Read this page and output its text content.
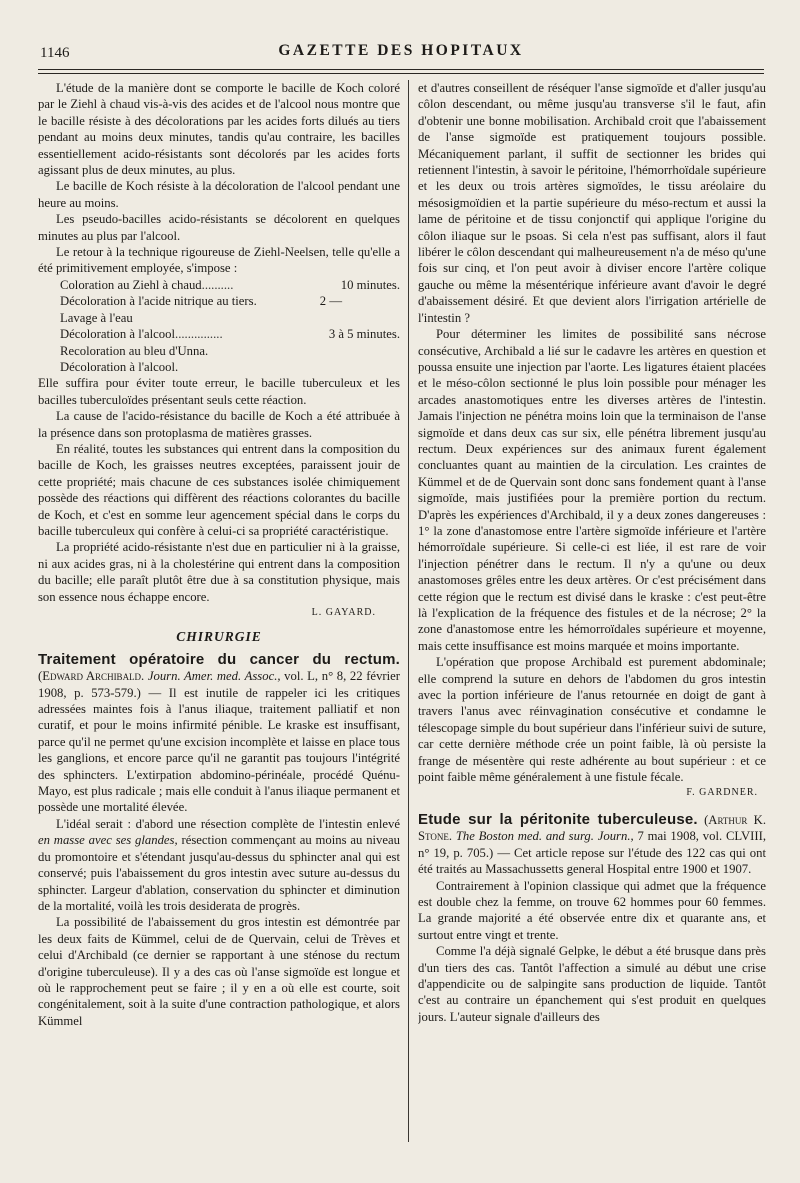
1146	GAZETTE DES HOPITAUX

L'étude de la manière dont se comporte le bacille de Koch coloré par le Ziehl à chaud vis-à-vis des acides et de l'alcool nous montre que le bacille résiste à des décolorations par les acides forts dilués au tiers pendant au moins deux minutes, tandis qu'au contraire, les bacilles essentiellement acido-résistants sont décolorés par les acides forts agissant plus de deux minutes, au plus.

Le bacille de Koch résiste à la décoloration de l'alcool pendant une heure au moins.

Les pseudo-bacilles acido-résistants se décolorent en quelques minutes au plus par l'alcool.

Le retour à la technique rigoureuse de Ziehl-Neelsen, telle qu'elle a été primitivement employée, s'impose :

Coloration au Ziehl à chaud..........	10 minutes.
Décoloration à l'acide nitrique au tiers.	2 —
Lavage à l'eau
Décoloration à l'alcool...............	3 à 5 minutes.
Recoloration au bleu d'Unna.
Décoloration à l'alcool.

Elle suffira pour éviter toute erreur, le bacille tuberculeux et les bacilles tuberculoïdes présentant seuls cette réaction.

La cause de l'acido-résistance du bacille de Koch a été attribuée à la présence dans son protoplasma de matières grasses.

En réalité, toutes les substances qui entrent dans la composition du bacille de Koch, les graisses neutres exceptées, paraissent jouir de cette propriété; mais chacune de ces substances isolée chimiquement possède des réactions qui diffèrent des réactions colorantes du bacille de Koch, et c'est en somme leur agencement spécial dans le corps du bacille tuberculeux qui confère à celui-ci sa propriété caractéristique.

La propriété acido-résistante n'est due en particulier ni à la graisse, ni aux acides gras, ni à la cholestérine qui entrent dans la composition du bacille; elle paraît plutôt être due à sa constitution physique, mais son essence nous échappe encore.

L. GAYARD.
CHIRURGIE

Traitement opératoire du cancer du rectum. (Edward Archibald. Journ. Amer. med. Assoc., vol. L, n° 8, 22 février 1908, p. 573-579.) — Il est inutile de rappeler ici les critiques adressées maintes fois à l'anus iliaque, traitement palliatif et non curatif, et pour le moins infirmité pénible. Le kraske est insuffisant, parce qu'il ne permet qu'une excision incomplète et laisse en place tous les ganglions, et encore parce qu'il ne garantit pas toujours l'intégrité des sphincters. L'extirpation abdomino-périnéale, procédé Quénu-Mayo, est plus radicale ; mais elle conduit à l'anus iliaque permanent et possède une mortalité élevée.

L'idéal serait : d'abord une résection complète de l'intestin enlevé en masse avec ses glandes, résection commençant au moins au niveau du promontoire et s'étendant jusqu'au-dessus du sphincter anal qui est conservé; puis l'abaissement du gros intestin avec suture au-dessus du sphincter. Largeur d'ablation, conservation du sphincter et diminution de la mortalité, voilà les trois desiderata de progrès.

La possibilité de l'abaissement du gros intestin est démontrée par les deux faits de Kümmel, celui de de Quervain, celui de Trèves et celui d'Archibald (ce dernier se rapportant à une sténose du rectum d'origine tuberculeuse). Il y a des cas où l'anse sigmoïde est longue et où le rapprochement peut se faire ; il y en a où elle est courte, soit congénitalement, soit à la suite d'une contraction pathologique, et alors Kümmel

et d'autres conseillent de réséquer l'anse sigmoïde et d'aller jusqu'au côlon descendant, ou même jusqu'au transverse s'il le faut, afin d'obtenir une bonne mobilisation. Archibald croit que l'abaissement de l'anse sigmoïde est pratiquement toujours possible. Mécaniquement parlant, il suffit de sectionner les brides qui retiennent l'intestin, à savoir le péritoine, l'hémorrhoïdale supérieure et les deux ou trois artères sigmoïdes, le tissu aréolaire du mésosigmoïdien et la partie supérieure du méso-rectum et aussi la lame de péritoine et de tissu conjonctif qui applique l'origine du côlon iliaque sur le psoas. Si cela n'est pas suffisant, alors il faut libérer le côlon descendant qui malheureusement n'a de méso qu'une fois sur cinq, et l'on peut avoir à diviser encore l'artère colique gauche ou même la mésentérique inférieure avant d'avoir le degré d'abaissement désiré. Et que devient alors l'irrigation artérielle de l'intestin ?

Pour déterminer les limites de possibilité sans nécrose consécutive, Archibald a lié sur le cadavre les artères en question et poussa ensuite une injection par l'aorte. Les ligatures étaient placées et le méso-côlon sectionné le plus loin possible pour ménager les arcades anastomotiques entre les diverses artères de l'intestin. Jamais l'injection ne pénétra moins loin que la terminaison de l'anse sigmoïde et dans deux cas sur six, elle pénétra librement jusqu'au rectum. Deux expériences sur des animaux furent également concluantes quant au maintien de la circulation. Les craintes de Kümmel et de de Quervain sont donc sans fondement quant à l'anse sigmoïde, mais justifiées pour la première portion du rectum. D'après les expériences d'Archibald, il y a deux zones dangereuses : 1° la zone d'anastomose entre l'artère sigmoïde inférieure et l'artère hémorroïdale supérieure. Si celle-ci est liée, il est rare de voir l'injection pénétrer dans le rectum. Il n'y a qu'une ou deux anastomoses grêles entre les deux artères. Or c'est précisément dans cette région que le rectum est divisé dans le kraske : c'est peut-être là l'explication de la fréquence des fistules et de la nécrose; 2° la zone d'anastomose entre les hémorroïdales supérieure et moyenne, mais cette insuffisance est moins marquée et moins importante.

L'opération que propose Archibald est purement abdominale; elle comprend la suture en dehors de l'abdomen du gros intestin avec la portion inférieure de l'anus retournée en doigt de gant à travers l'anus avec réinvagination consécutive et condamne le télescopage simple du bout supérieur dans l'inférieur suivi de suture, car cette dernière méthode crée un point faible, là où persiste la frange de mésentère qui reste adhérente au bout supérieur : et ce point faible même généralement à une fistule fécale.

F. GARDNER.

Etude sur la péritonite tuberculeuse. (Arthur K. Stone. The Boston med. and surg. Journ., 7 mai 1908, vol. CLVIII, n° 19, p. 705.) — Cet article repose sur l'étude des 122 cas qui ont été traités au Massachussetts general Hospital entre 1900 et 1907.

Contrairement à l'opinion classique qui admet que la fréquence est double chez la femme, on trouve 62 hommes pour 60 femmes. La grande majorité a été observée entre dix et quarante ans, et surtout entre vingt et trente.

Comme l'a déjà signalé Gelpke, le début a été brusque dans près d'un tiers des cas. Tantôt l'affection a simulé au début une crise d'appendicite ou de salpingite sans production de liquide. Tantôt c'est au contraire un épanchement qui s'est produit en quelques jours. L'auteur signale d'ailleurs des
